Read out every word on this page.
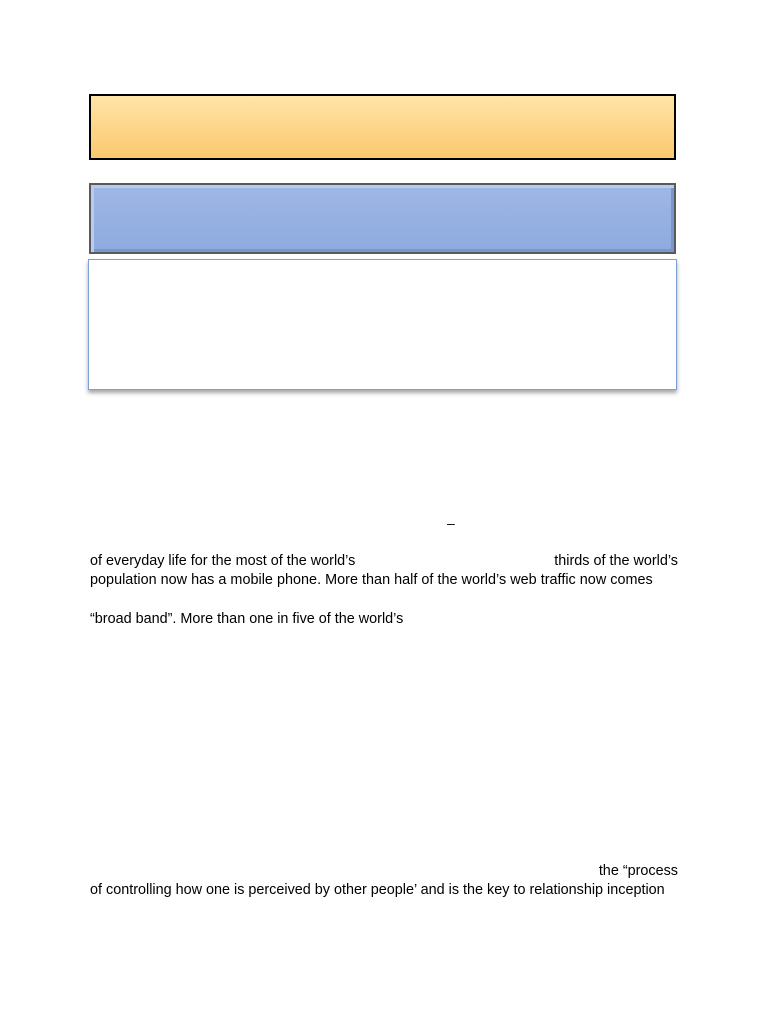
–
of everyday life for the most of the world’s	thirds of the world’s
population now has a mobile phone. More than half of the world’s web traffic now comes
“broad band”. More than one in five of the world’s
the “process
of controlling how one is perceived by other people’ and is the key to relationship inception
